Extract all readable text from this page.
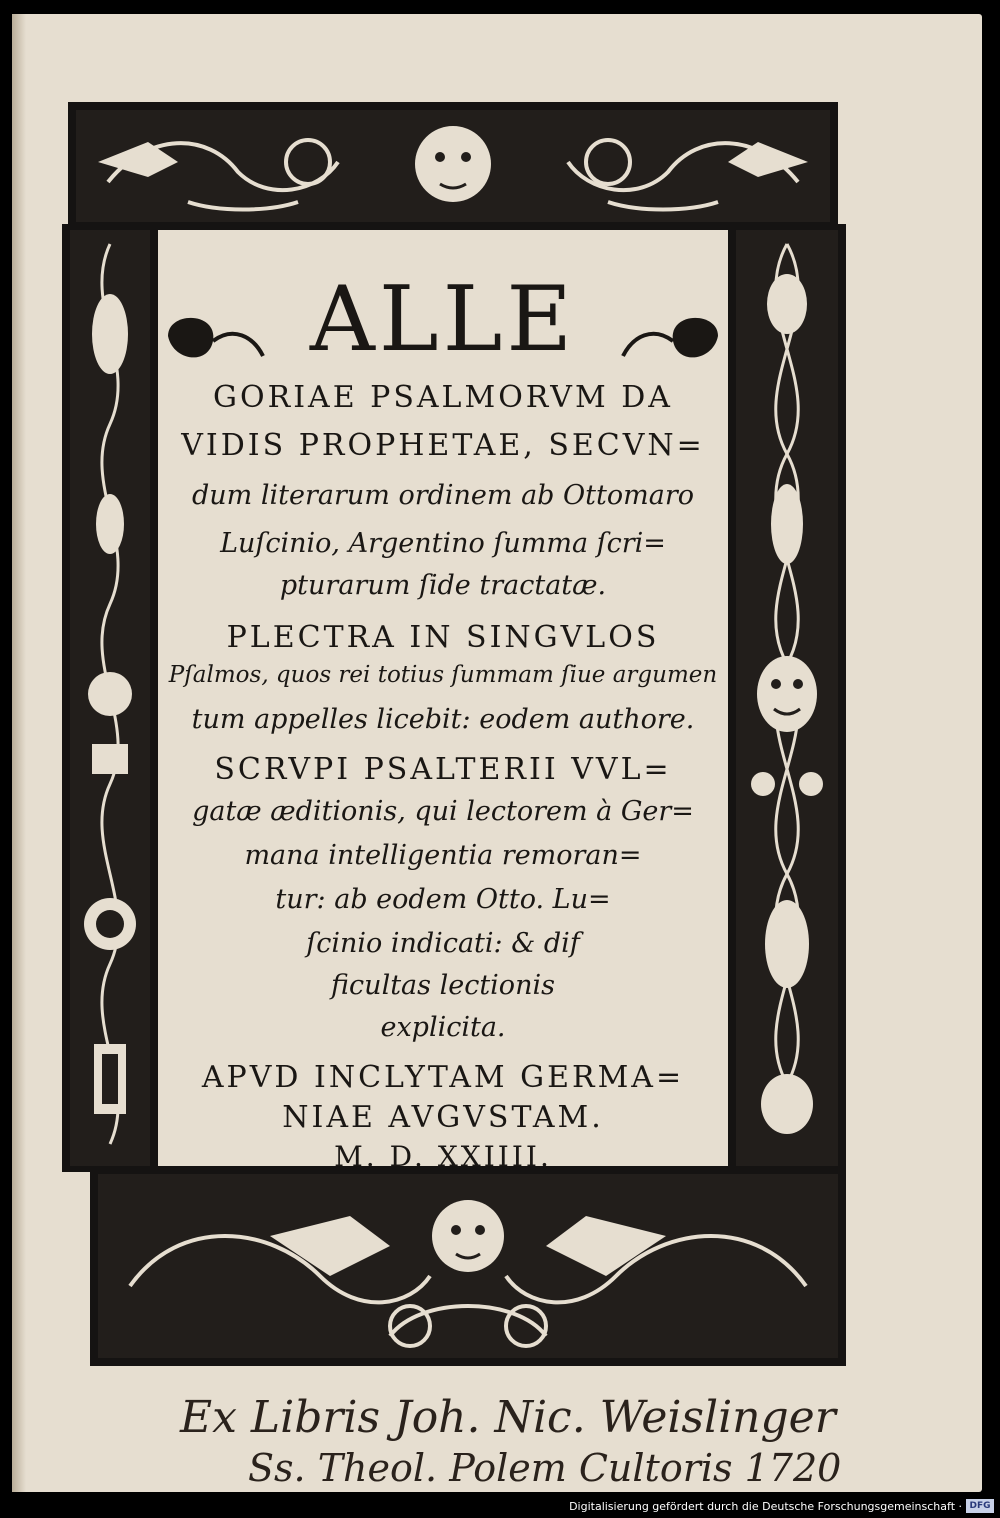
ALLE
GORIAE PSALMORVM DA
VIDIS PROPHETAE, SECVN=
dum literarum ordinem ab Ottomaro
Luſcinio, Argentino ſumma ſcri=
pturarum ſide tractatæ.
PLECTRA IN SINGVLOS
Pſalmos, quos rei totius ſummam ſiue argumen
tum appelles licebit: eodem authore.
SCRVPI PSALTERII VVL=
gatæ æditionis, qui lectorem à Ger=
mana intelligentia remoran=
tur: ab eodem Otto. Lu=
ſcinio indicati: & dif
ficultas lectionis
explicita.
APVD INCLYTAM GERMA=
NIAE AVGVSTAM.
M. D. XXIIII.
Ex Libris Joh. Nic. Weislinger
Ss. Theol. Polem Cultoris 1720
Digitalisierung gefördert durch die Deutsche Forschungsgemeinschaft · DFG
